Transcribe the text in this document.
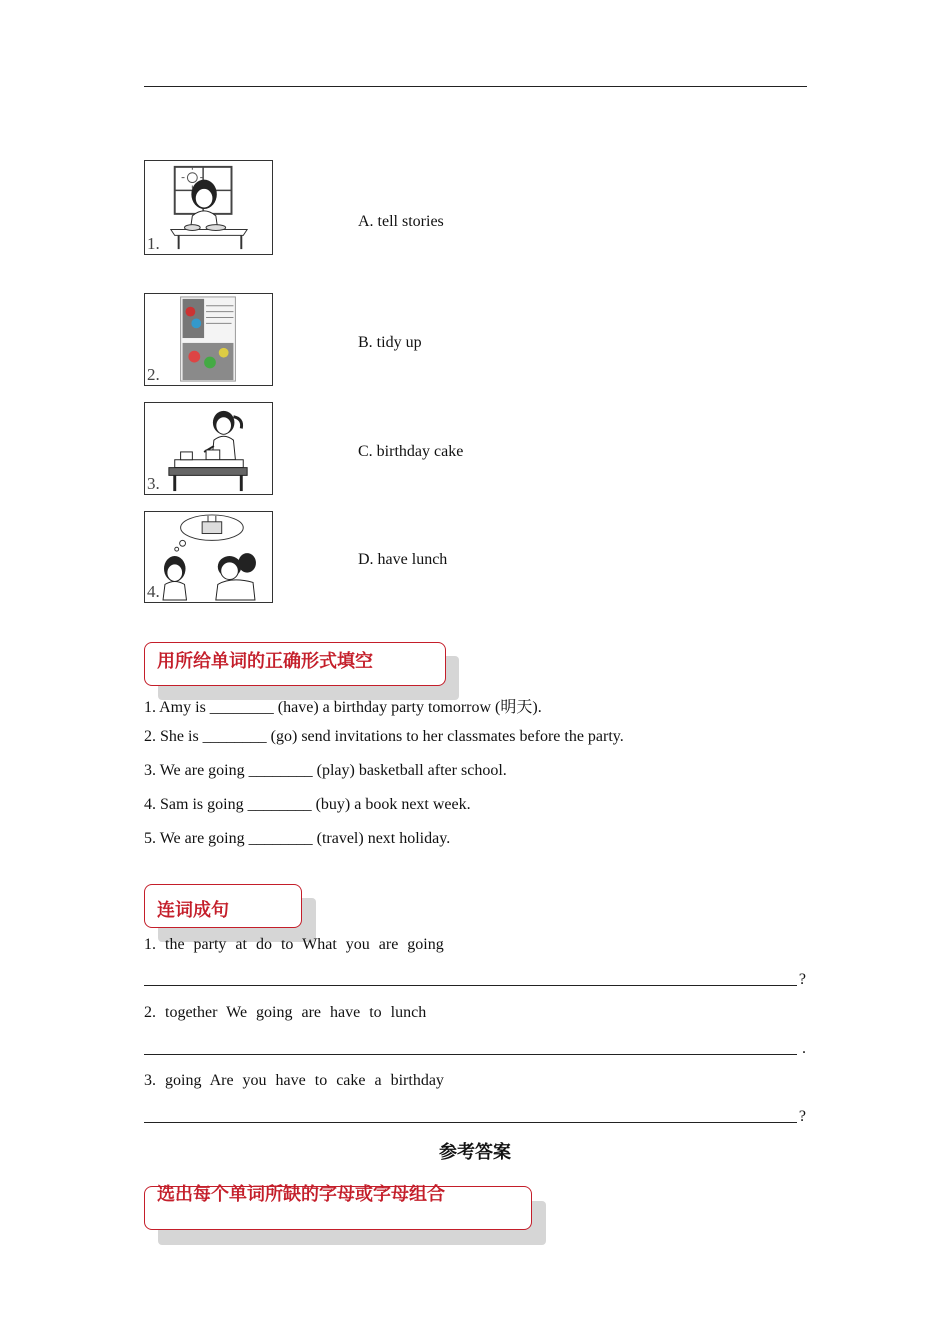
1.
2.
3.
4.
A. tell stories
B. tidy up
C. birthday cake
D. have lunch
用所给单词的正确形式填空
1. Amy is ________ (have) a birthday party tomorrow (明天).
2. She is ________ (go) send invitations to her classmates before the party.
3. We are going ________ (play) basketball after school.
4. Sam is going ________ (buy) a book next week.
5. We are going ________ (travel) next holiday.
连词成句
1. the party at do to What you are going
?
2. together We going are have to lunch
.
3. going Are you have to cake a birthday
?
参考答案
选出每个单词所缺的字母或字母组合
